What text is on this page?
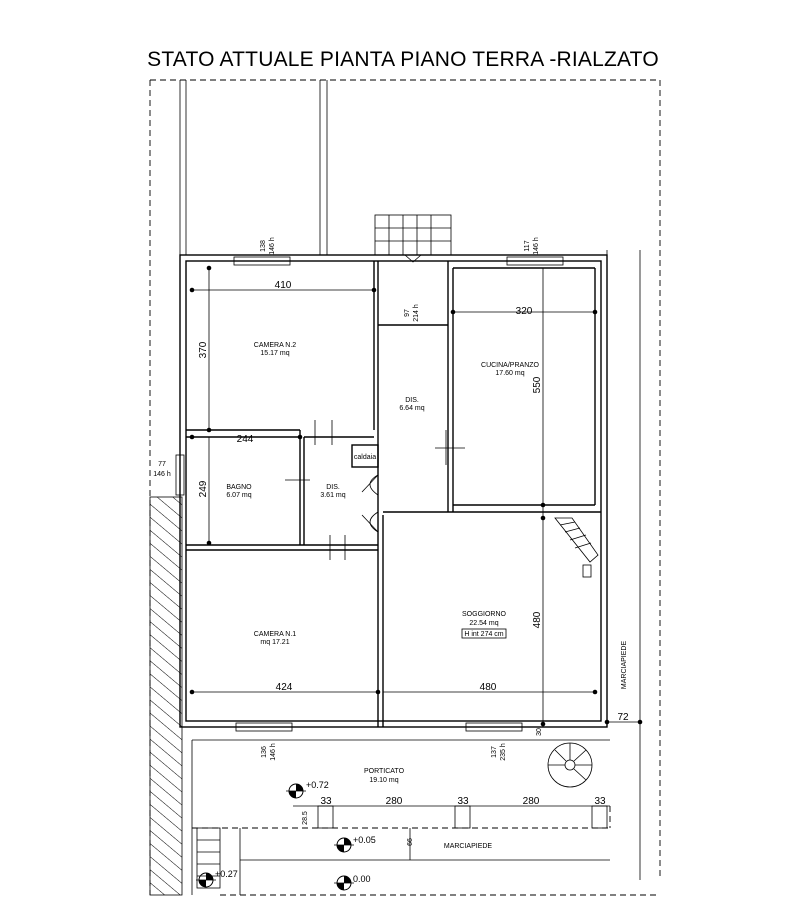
STATO ATTUALE PIANTA PIANO TERRA -RIALZATO
CAMERA N.2
15.17 mq
DIS.
6.64 mq
CUCINA/PRANZO
17.60 mq
BAGNO
6.07 mq
DIS.
3.61 mq
CAMERA N.1
mq 17.21
SOGGIORNO
22.54 mq
H int 274 cm
PORTICATO
19.10 mq
caldaia
MARCIAPIEDE
MARCIAPIEDE
410
370
244
249
320
550
424	480
480
72
30
33	280	33	280	33
28.5
66
138 146 h	117 146 h
97 214 h
77
146 h
136 146 h	137 235 h
+0.72
+0.05
+0.27	0.00
